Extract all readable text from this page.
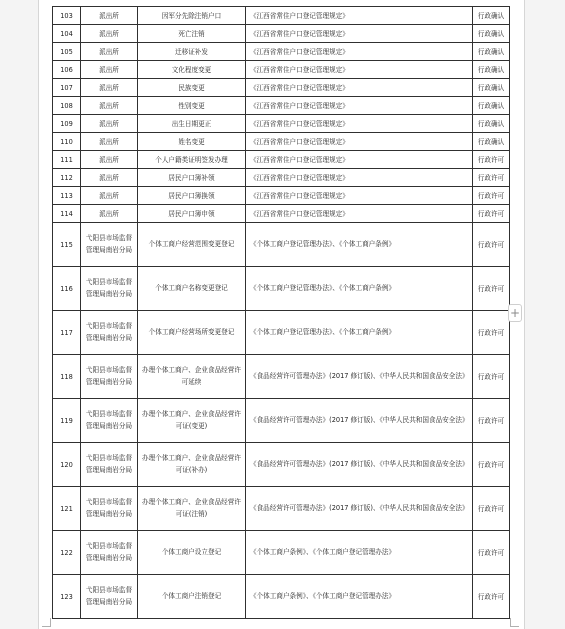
103	派出所	因军分先除注销户口	《江西省常住户口登记管理规定》	行政确认
104	派出所	死亡注销	《江西省常住户口登记管理规定》	行政确认
105	派出所	迁移证补发	《江西省常住户口登记管理规定》	行政确认
106	派出所	文化程度变更	《江西省常住户口登记管理规定》	行政确认
107	派出所	民族变更	《江西省常住户口登记管理规定》	行政确认
108	派出所	性别变更	《江西省常住户口登记管理规定》	行政确认
109	派出所	出生日期更正	《江西省常住户口登记管理规定》	行政确认
110	派出所	姓名变更	《江西省常住户口登记管理规定》	行政确认
111	派出所	个人户籍类证明签发办理	《江西省常住户口登记管理规定》	行政许可
112	派出所	居民户口簿补领	《江西省常住户口登记管理规定》	行政许可
113	派出所	居民户口簿换领	《江西省常住户口登记管理规定》	行政许可
114	派出所	居民户口簿申领	《江西省常住户口登记管理规定》	行政许可
115	弋阳县市场监督管理局南岩分局	个体工商户经营范围变更登记	《个体工商户登记管理办法》、《个体工商户条例》	行政许可
116	弋阳县市场监督管理局南岩分局	个体工商户名称变更登记	《个体工商户登记管理办法》、《个体工商户条例》	行政许可
117	弋阳县市场监督管理局南岩分局	个体工商户经营场所变更登记	《个体工商户登记管理办法》、《个体工商户条例》	行政许可
118	弋阳县市场监督管理局南岩分局	办理个体工商户、企业食品经营许可延续	《食品经营许可管理办法》(2017 修订版)、《中华人民共和国食品安全法》	行政许可
119	弋阳县市场监督管理局南岩分局	办理个体工商户、企业食品经营许可证(变更)	《食品经营许可管理办法》(2017 修订版)、《中华人民共和国食品安全法》	行政许可
120	弋阳县市场监督管理局南岩分局	办理个体工商户、企业食品经营许可证(补办)	《食品经营许可管理办法》(2017 修订版)、《中华人民共和国食品安全法》	行政许可
121	弋阳县市场监督管理局南岩分局	办理个体工商户、企业食品经营许可证(注销)	《食品经营许可管理办法》(2017 修订版)、《中华人民共和国食品安全法》	行政许可
122	弋阳县市场监督管理局南岩分局	个体工商户设立登记	《个体工商户条例》、《个体工商户登记管理办法》	行政许可
123	弋阳县市场监督管理局南岩分局	个体工商户注销登记	《个体工商户条例》、《个体工商户登记管理办法》	行政许可
+
